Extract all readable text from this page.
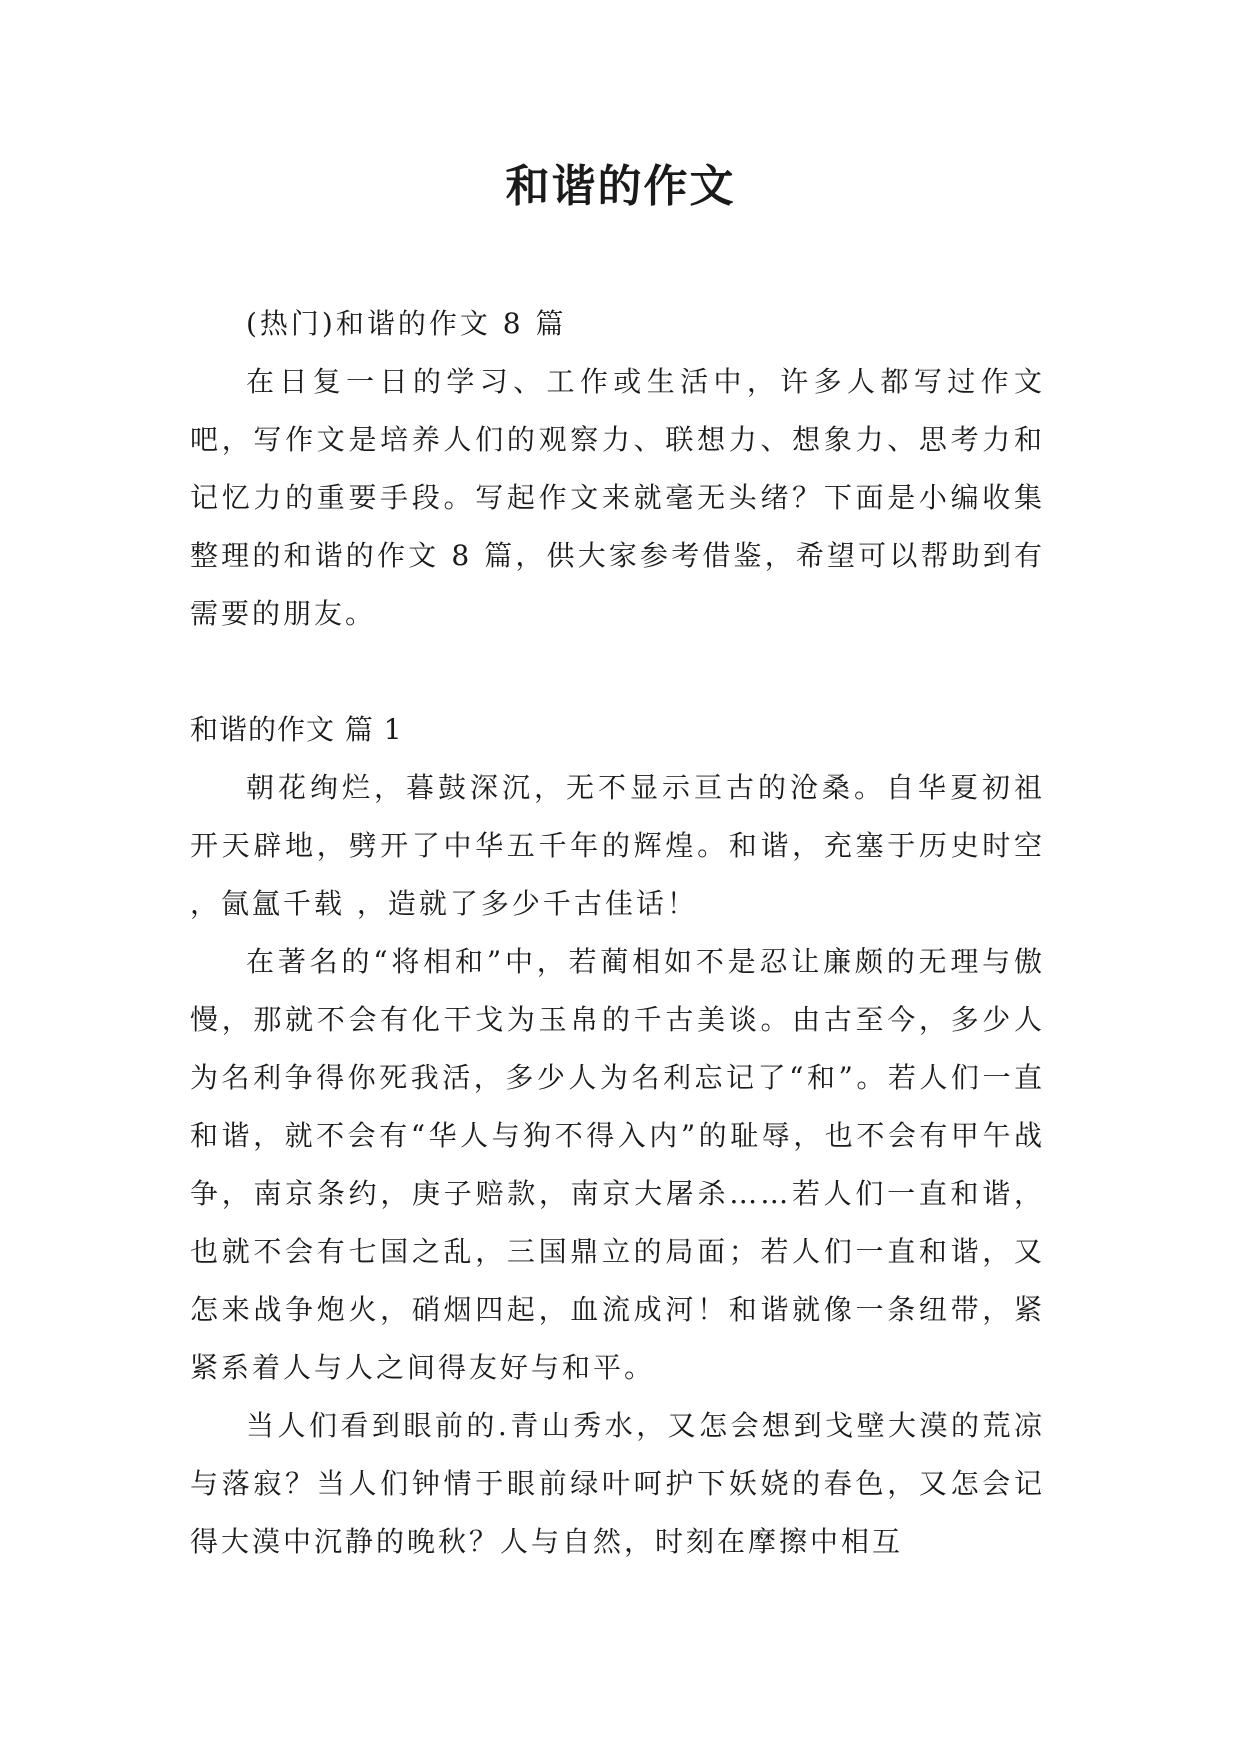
和谐的作文

(热门)和谐的作文 8 篇

在日复一日的学习、工作或生活中，许多人都写过作文吧，写作文是培养人们的观察力、联想力、想象力、思考力和记忆力的重要手段。写起作文来就毫无头绪？下面是小编收集整理的和谐的作文 8 篇，供大家参考借鉴，希望可以帮助到有需要的朋友。

和谐的作文 篇 1

朝花绚烂，暮鼓深沉，无不显示亘古的沧桑。自华夏初祖开天辟地，劈开了中华五千年的辉煌。和谐，充塞于历史时空 ，氤氲千载 ，造就了多少千古佳话！

在著名的“将相和”中，若蔺相如不是忍让廉颇的无理与傲慢，那就不会有化干戈为玉帛的千古美谈。由古至今，多少人为名利争得你死我活，多少人为名利忘记了“和”。若人们一直和谐，就不会有“华人与狗不得入内”的耻辱，也不会有甲午战争，南京条约，庚子赔款，南京大屠杀……若人们一直和谐，也就不会有七国之乱，三国鼎立的局面；若人们一直和谐，又怎来战争炮火，硝烟四起，血流成河！和谐就像一条纽带，紧紧系着人与人之间得友好与和平。

当人们看到眼前的.青山秀水，又怎会想到戈壁大漠的荒凉与落寂？当人们钟情于眼前绿叶呵护下妖娆的春色，又怎会记得大漠中沉静的晚秋？人与自然，时刻在摩擦中相互
